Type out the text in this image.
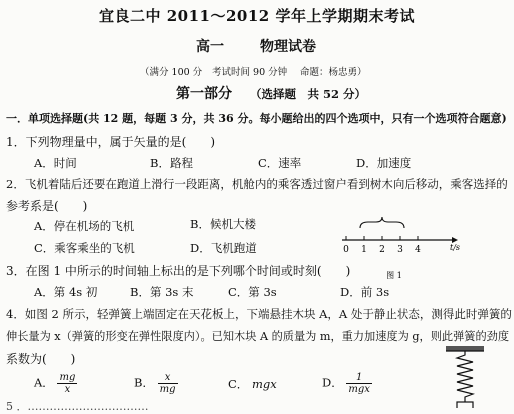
宜良二中 2011～2012 学年上学期期末考试
高一	物理试卷
（满分 100 分 考试时间 90 分钟 命题：杨忠勇）
第一部分 （选择题　共 52 分）
一．单项选择题(共 12 题，每题 3 分，共 36 分。每小题给出的四个选项中，只有一个选项符合题意)
1．下列物理量中，属于矢量的是(　　)
A．时间	B．路程	C．速率	D．加速度
2．飞机着陆后还要在跑道上滑行一段距离，机舱内的乘客透过窗户看到树木向后移动，乘客选择的
参考系是(　　)
A．停在机场的飞机	B．候机大楼
C．乘客乘坐的飞机	D．飞机跑道	0 1 2 3 4	t/s
图 1
3．在图 1 中所示的时间轴上标出的是下列哪个时间或时刻(　　)
A．第 4s 初	B．第 3s 末	C．第 3s	D．前 3s
4．如图 2 所示，轻弹簧上端固定在天花板上，下端悬挂木块 A，A 处于静止状态，测得此时弹簧的
伸长量为 x（弹簧的形变在弹性限度内）。已知木块 A 的质量为 m，重力加速度为 g，则此弹簧的劲度
系数为(　　)
A． $\frac{mg}{x}$	B． $\frac{x}{mg}$	C． mgx	D． $\frac{1}{\text{mgx}}$
5 ．……………………………
